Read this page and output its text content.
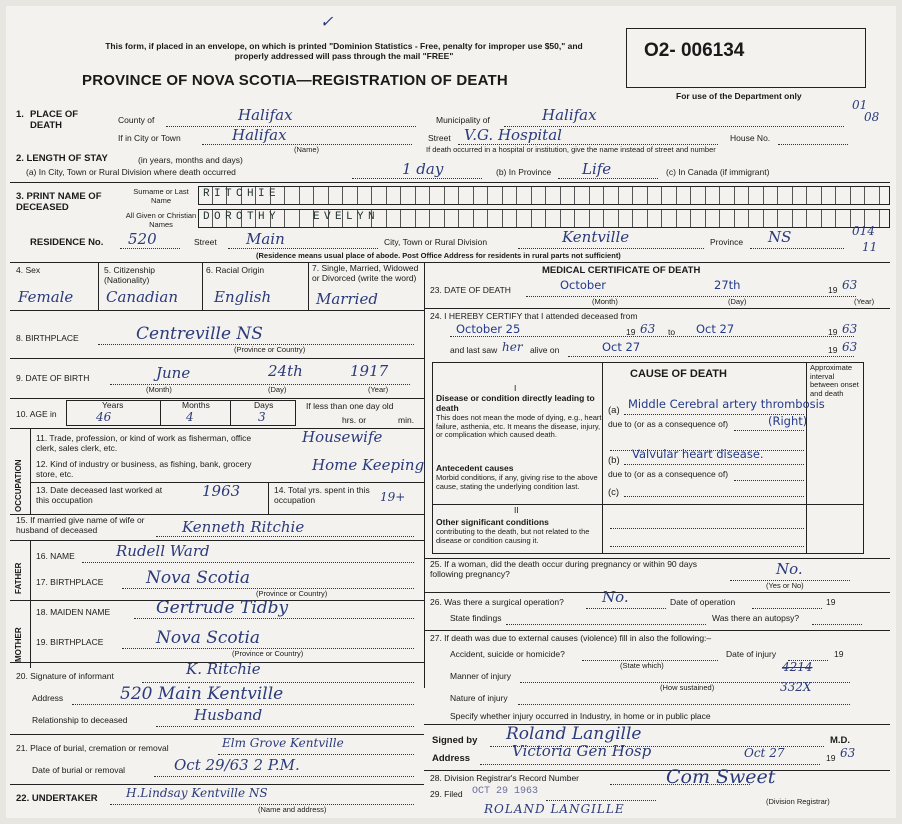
✓
This form, if placed in an envelope, on which is printed "Dominion Statistics - Free, penalty for improper use $50," and properly addressed will pass through the mail "FREE"
PROVINCE OF NOVA SCOTIA—REGISTRATION OF DEATH
O2- 006134
For use of the Department only
01
08
1. PLACE OF DEATH	County of	Halifax	Municipality of	Halifax
If in City or Town	Halifax
(Name)
Street V.G. Hospital	House No.
If death occurred in a hospital or institution, give the name instead of street and number
2. LENGTH OF STAY	(in years, months and days)
(a) In City, Town or Rural Division where death occurred	1 day	(b) In Province Life	(c) In Canada (if immigrant)
3. PRINT NAME OF DECEASED
Surname or Last Name
All Given or Christian Names
RITCHIE
DOROTHY   EVELYN
RESIDENCE No. 520	Street Main	City, Town or Rural Division	Kentville	Province NS	014
11
(Residence means usual place of abode. Post Office Address for residents in rural parts not sufficient)
4. Sex
Female
5. Citizenship (Nationality)
Canadian
6. Racial Origin
English
7. Single, Married, Widowed or Divorced (write the word)
Married
8. BIRTHPLACE	Centreville NS
(Province or Country)
9. DATE OF BIRTH	June	24th	1917
(Month)	(Day)	(Year)
10. AGE in
Years
46
Months
4
Days
3
If less than one day old
hrs. or	min.
OCCUPATION
11. Trade, profession, or kind of work as fisherman, office clerk, sales clerk, etc.
Housewife
12. Kind of industry or business, as fishing, bank, grocery store, etc.	Home Keeping
13. Date deceased last worked at this occupation	1963	14. Total yrs. spent in this occupation	19+
15. If married give name of wife or husband of deceased	Kenneth Ritchie
FATHER
16. NAME	Rudell Ward
17. BIRTHPLACE	Nova Scotia
(Province or Country)
MOTHER
18. MAIDEN NAME	Gertrude Tidby
19. BIRTHPLACE	Nova Scotia
(Province or Country)
20. Signature of informant	K. Ritchie
Address	520 Main Kentville
Relationship to deceased	Husband
21. Place of burial, cremation or removal	Elm Grove Kentville
Date of burial or removal	Oct 29/63 2 P.M.
22. UNDERTAKER H.Lindsay Kentville NS
(Name and address)
MEDICAL CERTIFICATE OF DEATH
23. DATE OF DEATH	October	27th	19 63
(Month)	(Day)	(Year)
24. I HEREBY CERTIFY that I attended deceased from
October 25	19 63 to Oct 27	19 63
and last saw her alive on	Oct 27	19 63
CAUSE OF DEATH
Approximate interval between onset and death
I
Disease or condition directly leading to death
This does not mean the mode of dying, e.g., heart failure, asthenia, etc. It means the disease, injury, or complication which caused death.
(a) Middle Cerebral artery thrombosis
(Right)
due to (or as a consequence of)
Antecedent causes
Morbid conditions, if any, giving rise to the above cause, stating the underlying condition last.
(b) Valvular heart disease.
due to (or as a consequence of)
(c)
II
Other significant conditions
contributing to the death, but not related to the disease or condition causing it.
25. If a woman, did the death occur during pregnancy or within 90 days following pregnancy?	No.
(Yes or No)
26. Was there a surgical operation?	No.	Date of operation	19
State findings	Was there an autopsy?
27. If death was due to external causes (violence) fill in also the following:–
Accident, suicide or homicide?
(State which)
Date of injury	19
Manner of injury
4214
(How sustained)	332X
Nature of injury
Specify whether injury occurred in Industry, in home or in public place
Signed by Roland Langille	M.D.
Address	Victoria Gen Hosp	Oct 27	19 63
28. Division Registrar's Record Number
29. Filed OCT 29 1963
(Division Registrar)
Com Sweet
ROLAND LANGILLE
